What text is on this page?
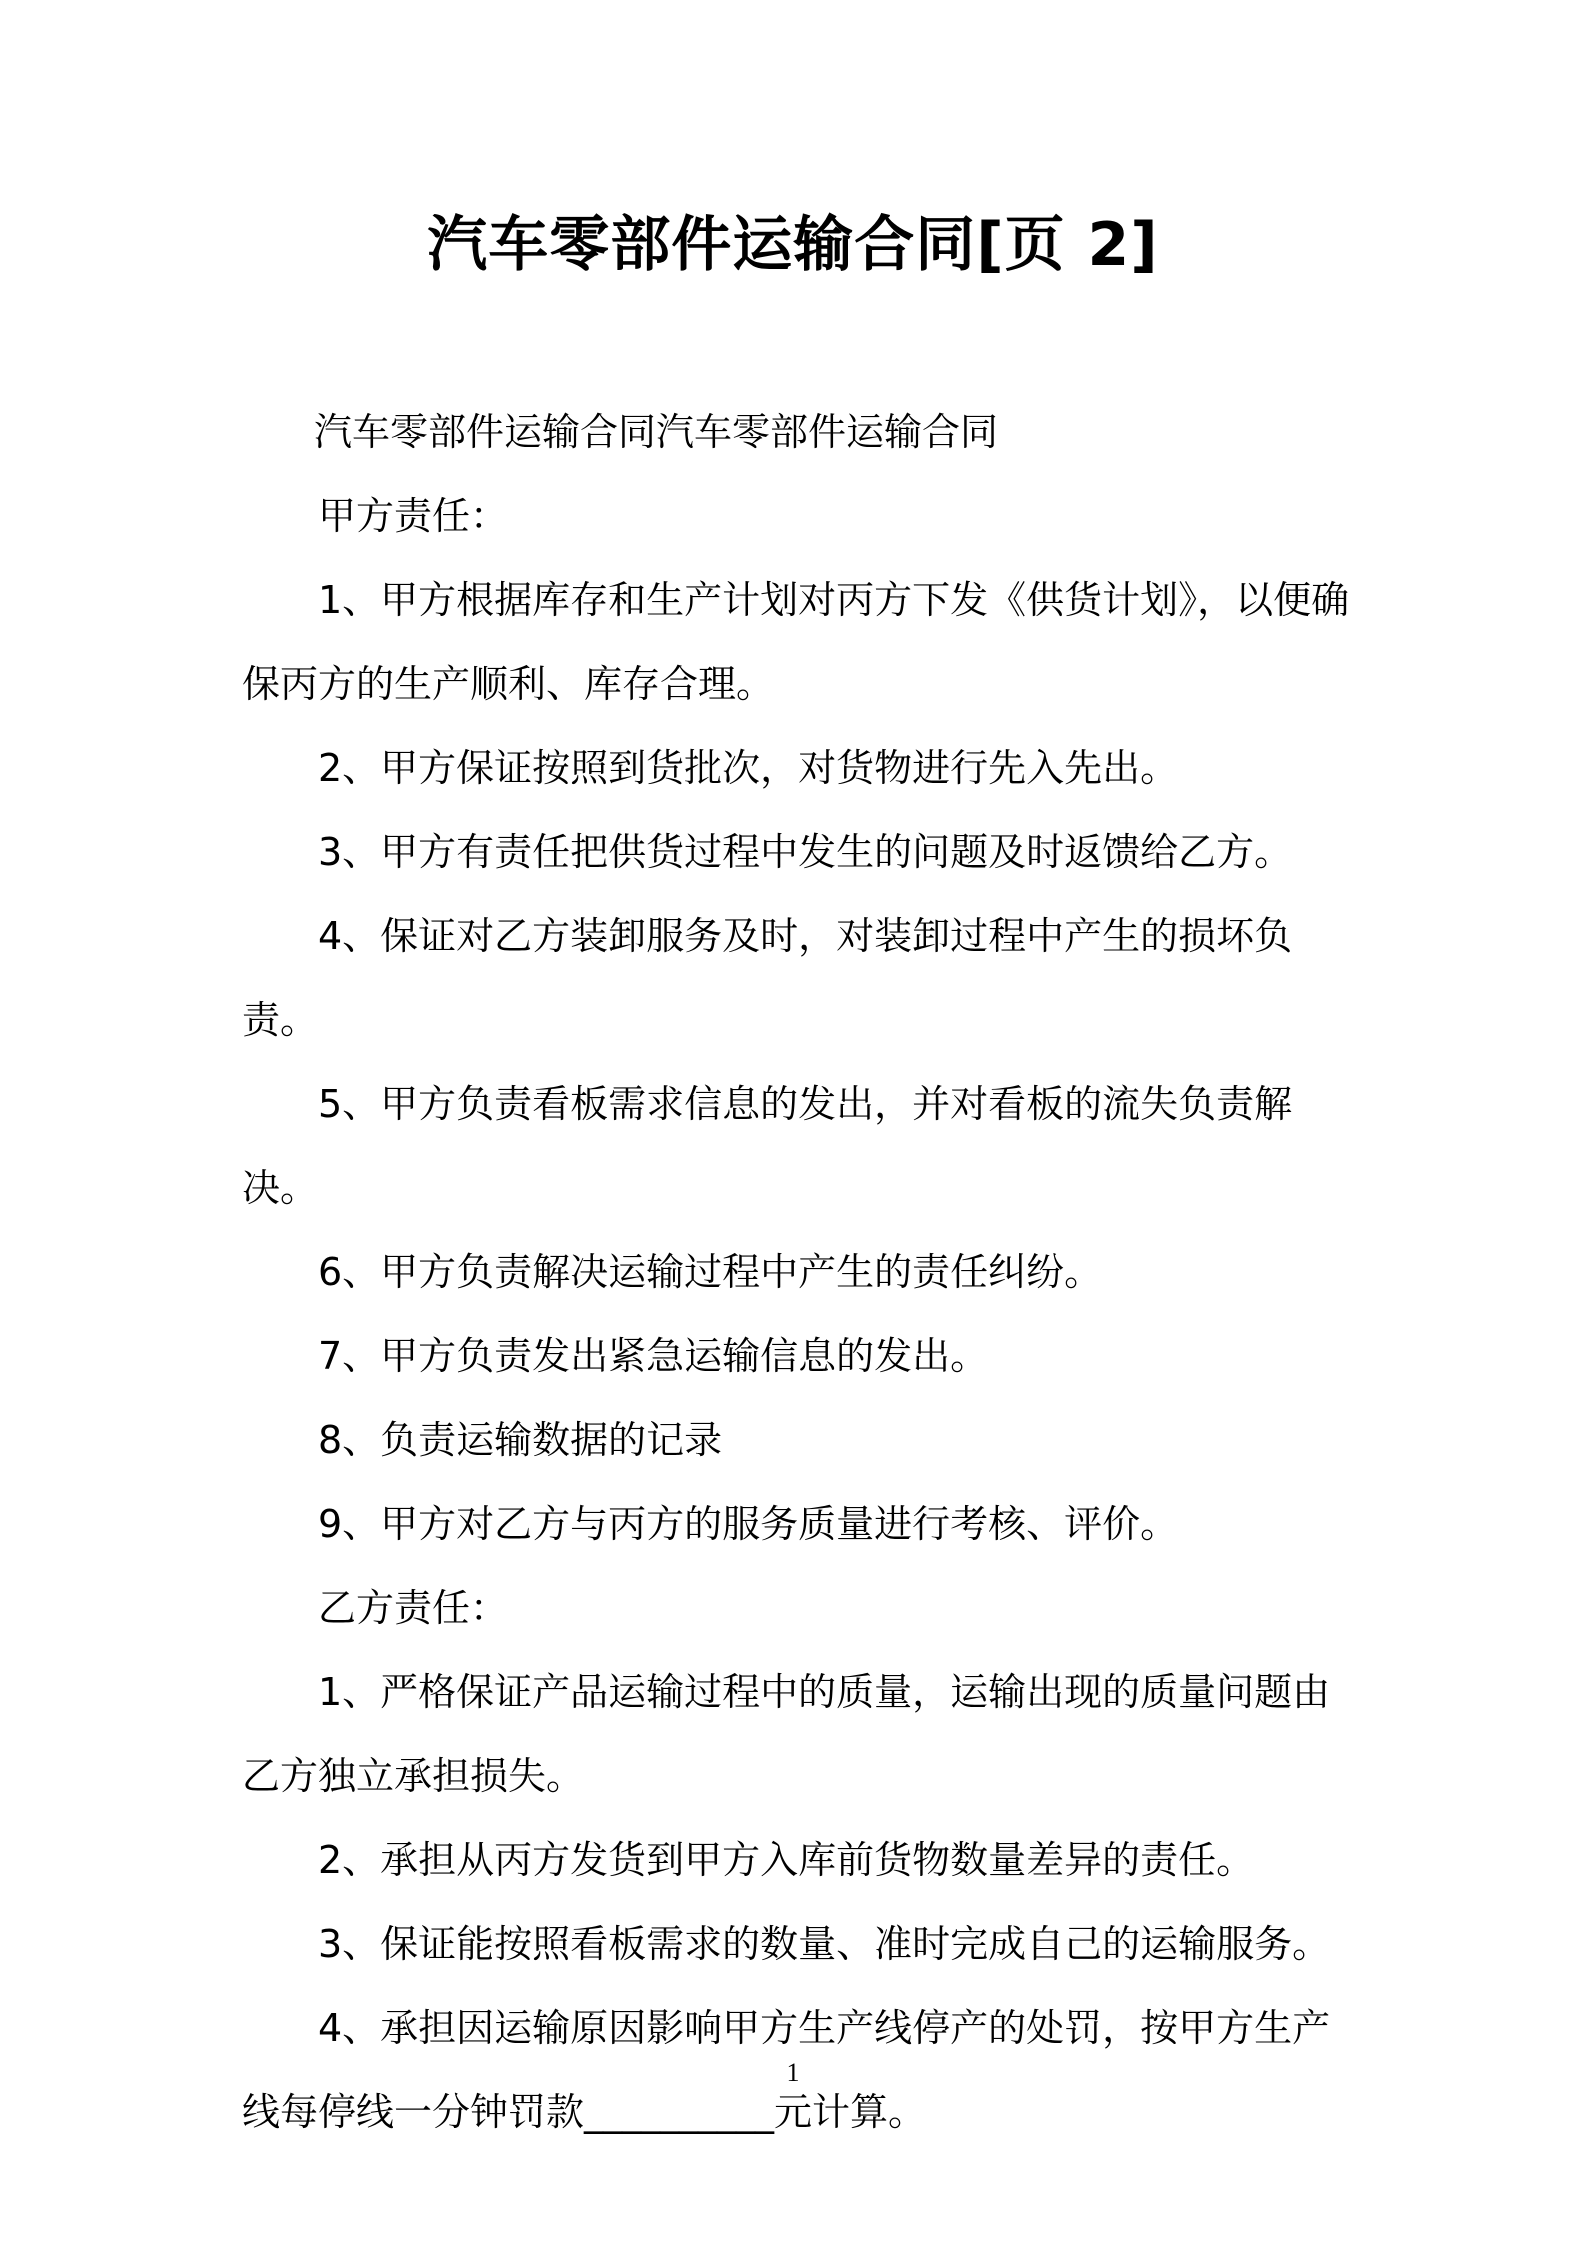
汽车零部件运输合同[页 2]

汽车零部件运输合同汽车零部件运输合同

甲方责任：

1、甲方根据库存和生产计划对丙方下发《供货计划》，以便确保丙方的生产顺利、库存合理。

2、甲方保证按照到货批次，对货物进行先入先出。

3、甲方有责任把供货过程中发生的问题及时返馈给乙方。

4、保证对乙方装卸服务及时，对装卸过程中产生的损坏负责。

5、甲方负责看板需求信息的发出，并对看板的流失负责解决。

6、甲方负责解决运输过程中产生的责任纠纷。

7、甲方负责发出紧急运输信息的发出。

8、负责运输数据的记录

9、甲方对乙方与丙方的服务质量进行考核、评价。

乙方责任：

1、严格保证产品运输过程中的质量，运输出现的质量问题由乙方独立承担损失。

2、承担从丙方发货到甲方入库前货物数量差异的责任。

3、保证能按照看板需求的数量、准时完成自己的运输服务。

4、承担因运输原因影响甲方生产线停产的处罚，按甲方生产线每停线一分钟罚款__________元计算。

1
